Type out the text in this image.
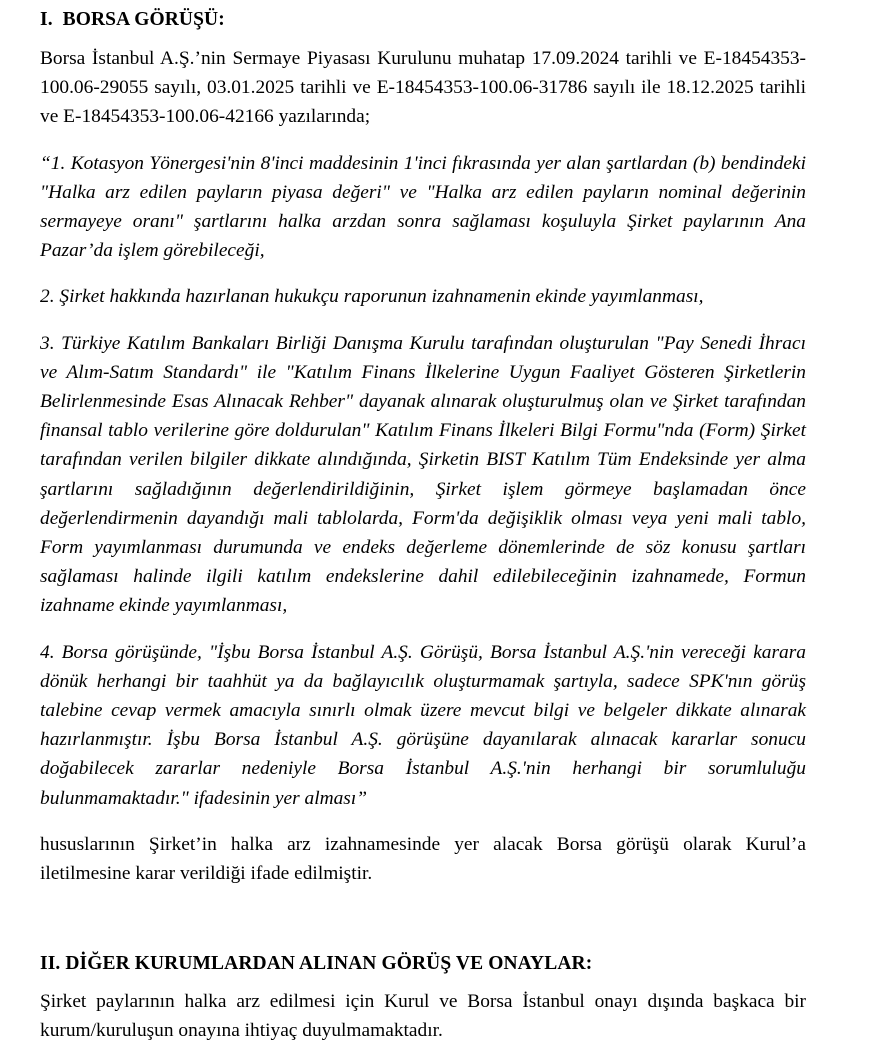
I.  BORSA GÖRÜŞÜ:

Borsa İstanbul A.Ş.’nin Sermaye Piyasası Kurulunu muhatap 17.09.2024 tarihli ve E-18454353-100.06-29055 sayılı, 03.01.2025 tarihli ve E-18454353-100.06-31786 sayılı ile 18.12.2025 tarihli ve E-18454353-100.06-42166 yazılarında;

“1. Kotasyon Yönergesi'nin 8'inci maddesinin 1'inci fıkrasında yer alan şartlardan (b) bendindeki "Halka arz edilen payların piyasa değeri" ve "Halka arz edilen payların nominal değerinin sermayeye oranı" şartlarını halka arzdan sonra sağlaması koşuluyla Şirket paylarının Ana Pazar’da işlem görebileceği,

2. Şirket hakkında hazırlanan hukukçu raporunun izahnamenin ekinde yayımlanması,

3. Türkiye Katılım Bankaları Birliği Danışma Kurulu tarafından oluşturulan "Pay Senedi İhracı ve Alım-Satım Standardı" ile "Katılım Finans İlkelerine Uygun Faaliyet Gösteren Şirketlerin Belirlenmesinde Esas Alınacak Rehber" dayanak alınarak oluşturulmuş olan ve Şirket tarafından finansal tablo verilerine göre doldurulan" Katılım Finans İlkeleri Bilgi Formu"nda (Form) Şirket tarafından verilen bilgiler dikkate alındığında, Şirketin BIST Katılım Tüm Endeksinde yer alma şartlarını sağladığının değerlendirildiğinin, Şirket işlem görmeye başlamadan önce değerlendirmenin dayandığı mali tablolarda, Form'da değişiklik olması veya yeni mali tablo, Form yayımlanması durumunda ve endeks değerleme dönemlerinde de söz konusu şartları sağlaması halinde ilgili katılım endekslerine dahil edilebileceğinin izahnamede, Formun izahname ekinde yayımlanması,

4. Borsa görüşünde, "İşbu Borsa İstanbul A.Ş. Görüşü, Borsa İstanbul A.Ş.'nin vereceği karara dönük herhangi bir taahhüt ya da bağlayıcılık oluşturmamak şartıyla, sadece SPK'nın görüş talebine cevap vermek amacıyla sınırlı olmak üzere mevcut bilgi ve belgeler dikkate alınarak hazırlanmıştır. İşbu Borsa İstanbul A.Ş. görüşüne dayanılarak alınacak kararlar sonucu doğabilecek zararlar nedeniyle Borsa İstanbul A.Ş.'nin herhangi bir sorumluluğu bulunmamaktadır." ifadesinin yer alması”

hususlarının Şirket’in halka arz izahnamesinde yer alacak Borsa görüşü olarak Kurul’a iletilmesine karar verildiği ifade edilmiştir.

II. DİĞER KURUMLARDAN ALINAN GÖRÜŞ VE ONAYLAR:

Şirket paylarının halka arz edilmesi için Kurul ve Borsa İstanbul onayı dışında başkaca bir kurum/kuruluşun onayına ihtiyaç duyulmamaktadır.
